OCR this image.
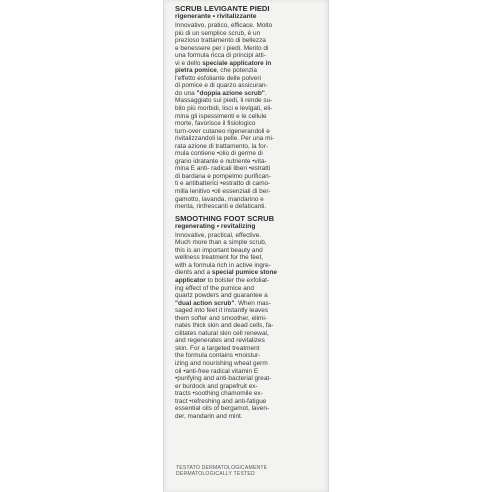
SCRUB LEVIGANTE PIEDI
rigenerante • rivitalizzante
Innovativo, pratico, efficace. Molto
più di un semplice scrub, è un
prezioso trattamento di bellezza
e benessere per i piedi. Merito di
una formula ricca di principi atti-
vi e dello speciale applicatore in
pietra pomice, che potenzia
l'effetto esfoliante delle polveri
di pomice e di quarzo assicuran-
do una "doppia azione scrub".
Massaggiato sui piedi, li rende su-
bito più morbidi, lisci e levigati, eli-
mina gli ispessimenti e le cellule
morte, favorisce il fisiologico
turn-over cutaneo rigenerandoli e
rivitalizzandoli la pelle. Per una mi-
rata azione di trattamento, la for-
mula contiene •olio di germe di
grano idratante e nutriente •vita-
mina E anti- radicali liberi •estratti
di bardana e pompelmo purifican-
ti e antibatterici •estratto di camo-
milla lenitivo •oli essenziali di ber-
gamotto, lavanda, mandarino e
menta, rinfrescanti e defaticanti.
SMOOTHING FOOT SCRUB
regenerating • revitalizing
Innovative, practical, effective.
Much more than a simple scrub,
this is an important beauty and
wellness treatment for the feet,
with a formula rich in active ingre-
dients and a special pumice stone
applicator to bolster the exfoliat-
ing effect of the pumice and
quartz powders and guarantee a
"dual action scrub". When mas-
saged into feet it instantly leaves
them softer and smoother, elimi-
nates thick skin and dead cells, fa-
cilitates natural skin cell renewal,
and regenerates and revitalizes
skin. For a targeted treatment
the formula contains •moistur-
izing and nourishing wheat germ
oil •anti-free radical vitamin E
•purifying and anti-bacterial great-
er burdock and grapefruit ex-
tracts •soothing chamomile ex-
tract •refreshing and anti-fatigue
essential oils of bergamot, laven-
der, mandarin and mint.
TESTATO DERMATOLOGICAMENTE
DERMATOLOGICALLY TESTED
